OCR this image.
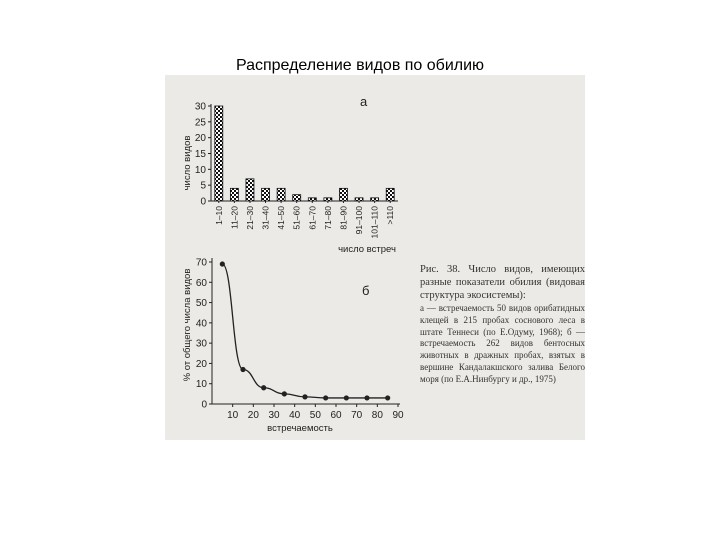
Распределение видов по обилию
0
5
10
15
20
25
30
1–10 11–20 21–30 31–40 41–50 51–60 61–70 71–80 81–90 91–100 101–110 >110
а
число видов
число встреч
0
10
20
30
40
50
60
70
10 20 30 40 50 60 70 80 90
б
% от общего числа видов
встречаемость
Рис. 38. Число видов, имеющих разные показатели обилия (видовая структура экосистемы):
а — встречаемость 50 видов орибатидных клещей в 215 пробах соснового леса в штате Теннеси (по Е.Одуму, 1968); б — встречаемость 262 видов бентосных животных в дражных пробах, взятых в вершине Кандалакшского залива Белого моря (по Е.А.Нинбургу и др., 1975)
